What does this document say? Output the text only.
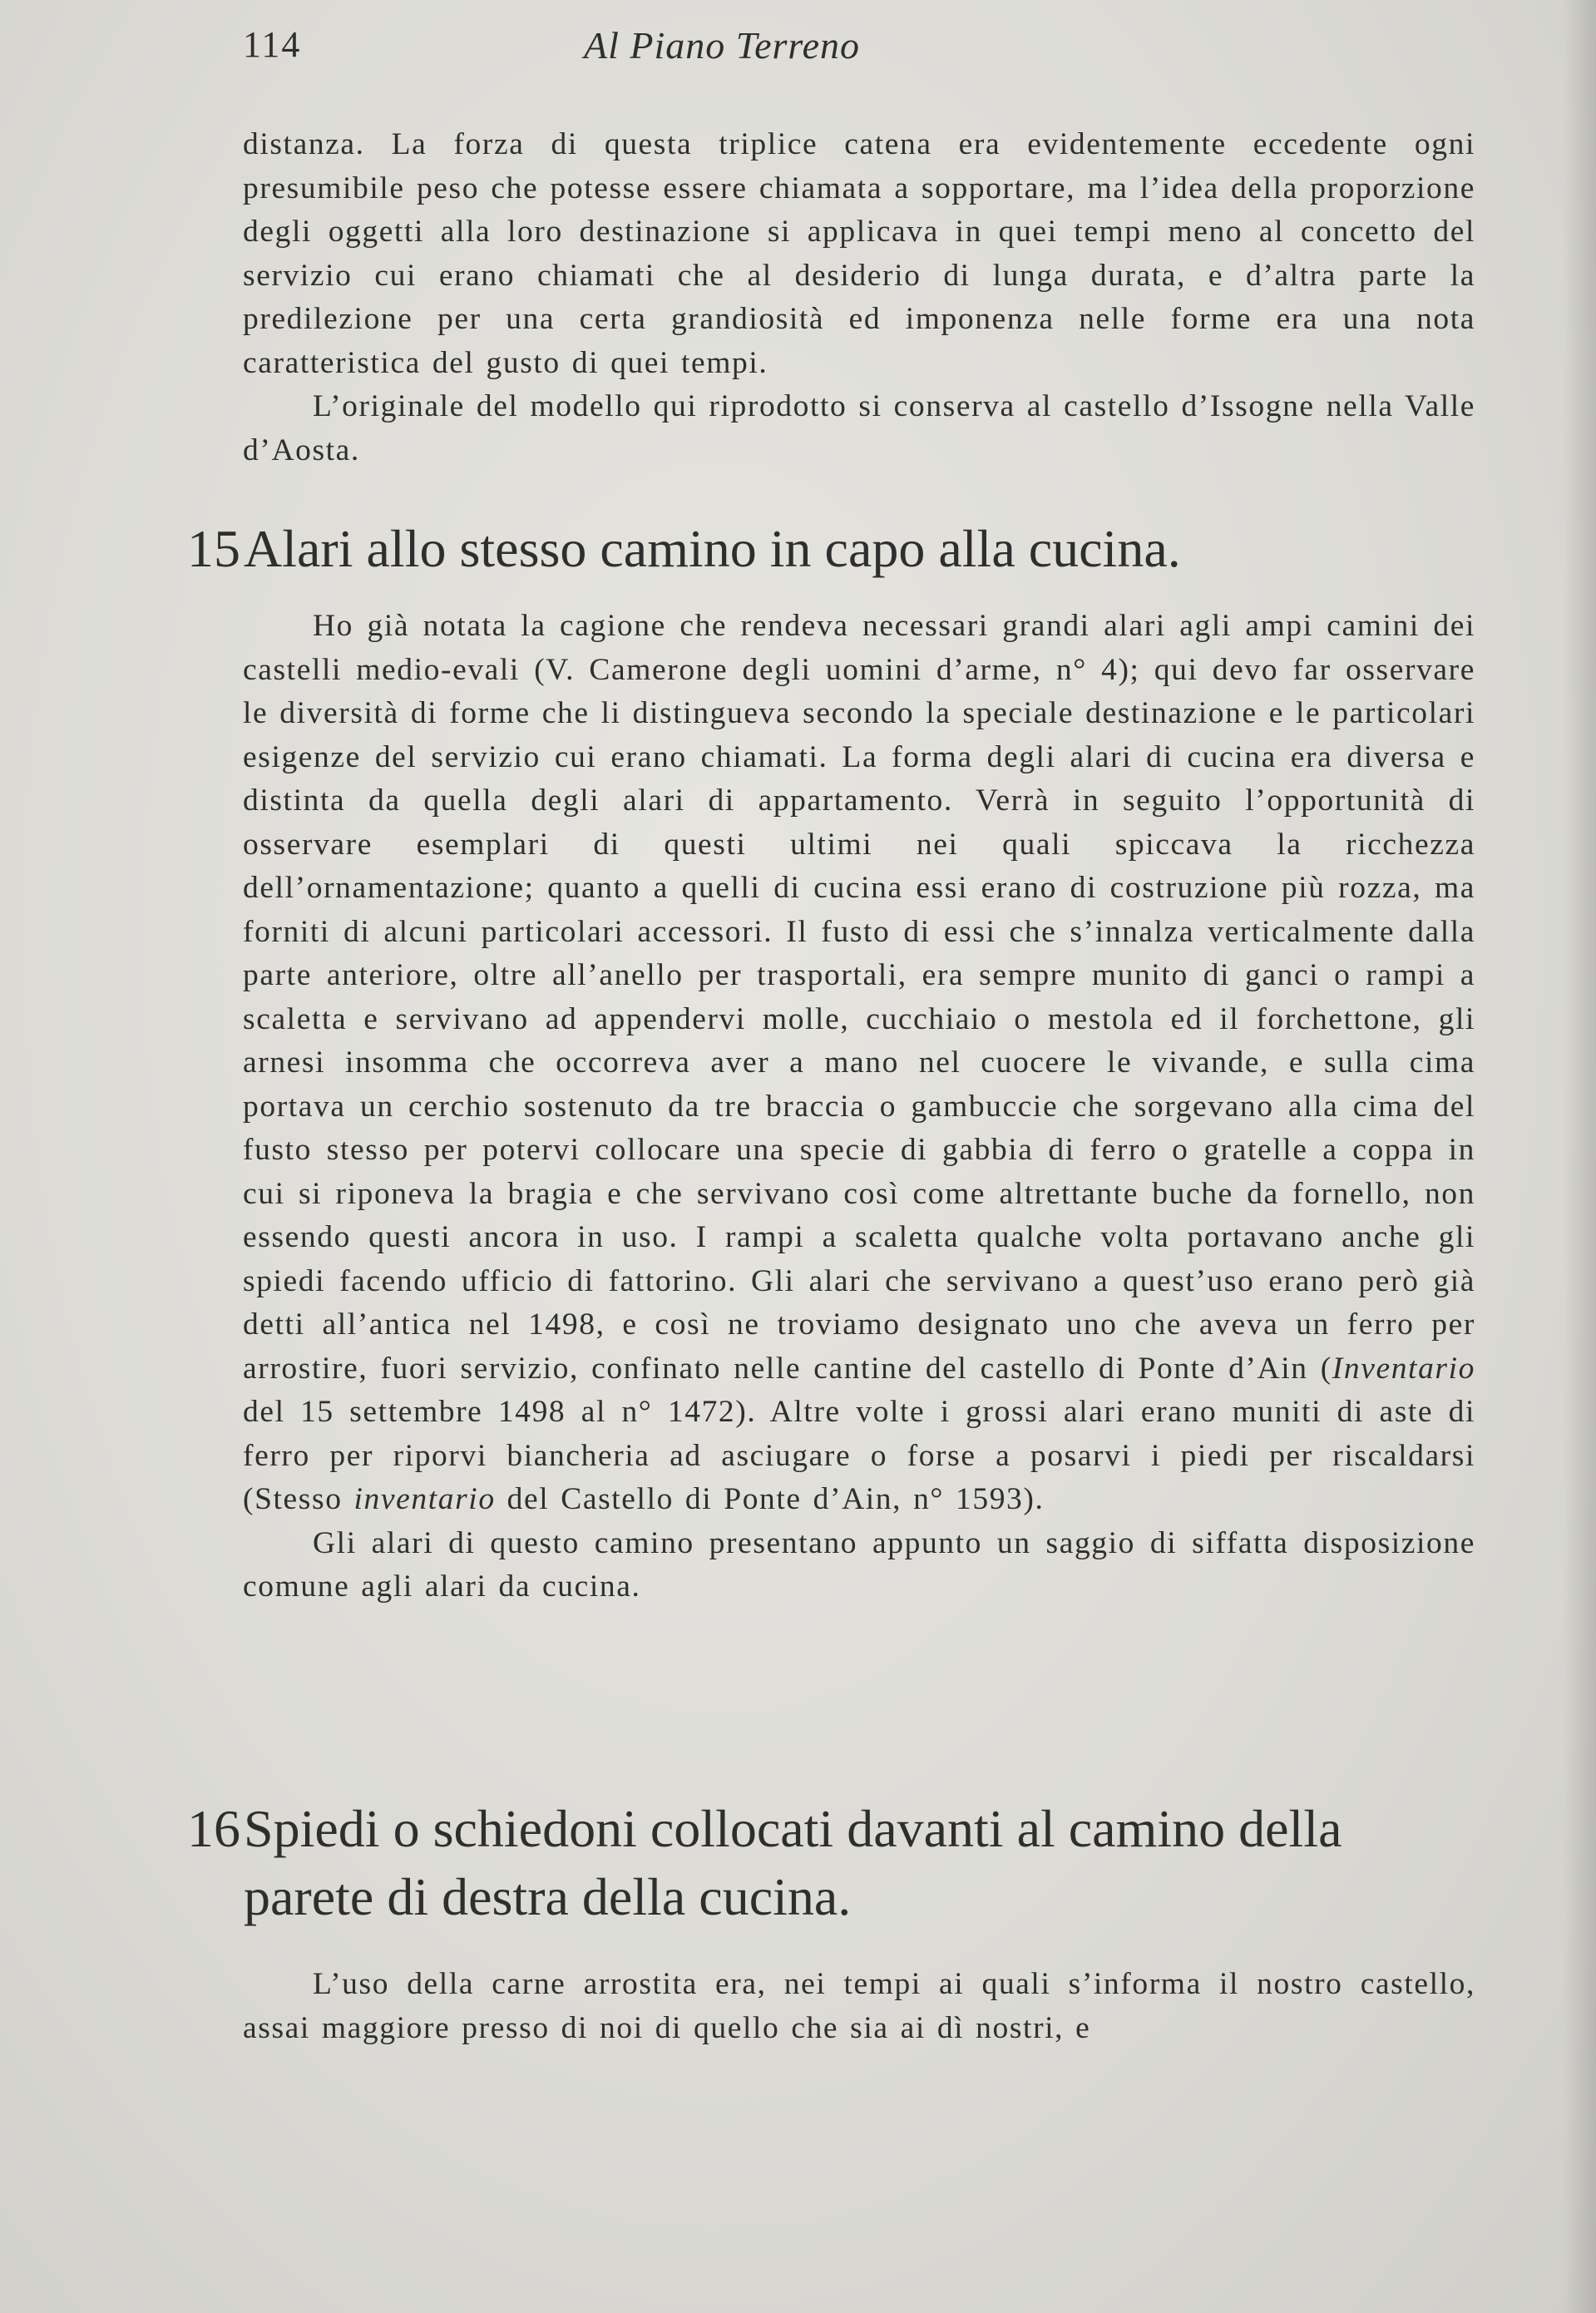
114	Al Piano Terreno

distanza. La forza di questa triplice catena era evidentemente eccedente ogni presumibile peso che potesse essere chiamata a sopportare, ma l’idea della proporzione degli oggetti alla loro destinazione si applicava in quei tempi meno al concetto del servizio cui erano chiamati che al desiderio di lunga durata, e d’altra parte la predilezione per una certa grandiosità ed imponenza nelle forme era una nota caratteristica del gusto di quei tempi.

L’originale del modello qui riprodotto si conserva al castello d’Issogne nella Valle d’Aosta.

15Alari allo stesso camino in capo alla cucina.

Ho già notata la cagione che rendeva necessari grandi alari agli ampi camini dei castelli medio-evali (V. Camerone degli uomini d’arme, n° 4); qui devo far osservare le diversità di forme che li distingueva secondo la speciale destinazione e le particolari esigenze del servizio cui erano chiamati. La forma degli alari di cucina era diversa e distinta da quella degli alari di appartamento. Verrà in seguito l’opportunità di osservare esemplari di questi ultimi nei quali spiccava la ricchezza dell’ornamentazione; quanto a quelli di cucina essi erano di costruzione più rozza, ma forniti di alcuni particolari accessori. Il fusto di essi che s’innalza verticalmente dalla parte anteriore, oltre all’anello per trasportali, era sempre munito di ganci o rampi a scaletta e servivano ad appendervi molle, cucchiaio o mestola ed il forchettone, gli arnesi insomma che occorreva aver a mano nel cuocere le vivande, e sulla cima portava un cerchio sostenuto da tre braccia o gambuccie che sorgevano alla cima del fusto stesso per potervi collocare una specie di gabbia di ferro o gratelle a coppa in cui si riponeva la bragia e che servivano così come altrettante buche da fornello, non essendo questi ancora in uso. I rampi a scaletta qualche volta portavano anche gli spiedi facendo ufficio di fattorino. Gli alari che servivano a quest’uso erano però già detti all’antica nel 1498, e così ne troviamo designato uno che aveva un ferro per arrostire, fuori servizio, confinato nelle cantine del castello di Ponte d’Ain (Inventario del 15 settembre 1498 al n° 1472). Altre volte i grossi alari erano muniti di aste di ferro per riporvi biancheria ad asciugare o forse a posarvi i piedi per riscaldarsi (Stesso inventario del Castello di Ponte d’Ain, n° 1593).

Gli alari di questo camino presentano appunto un saggio di siffatta disposizione comune agli alari da cucina.

16Spiedi o schiedoni collocati davanti al camino della
parete di destra della cucina.

L’uso della carne arrostita era, nei tempi ai quali s’informa il nostro castello, assai maggiore presso di noi di quello che sia ai dì nostri, e
